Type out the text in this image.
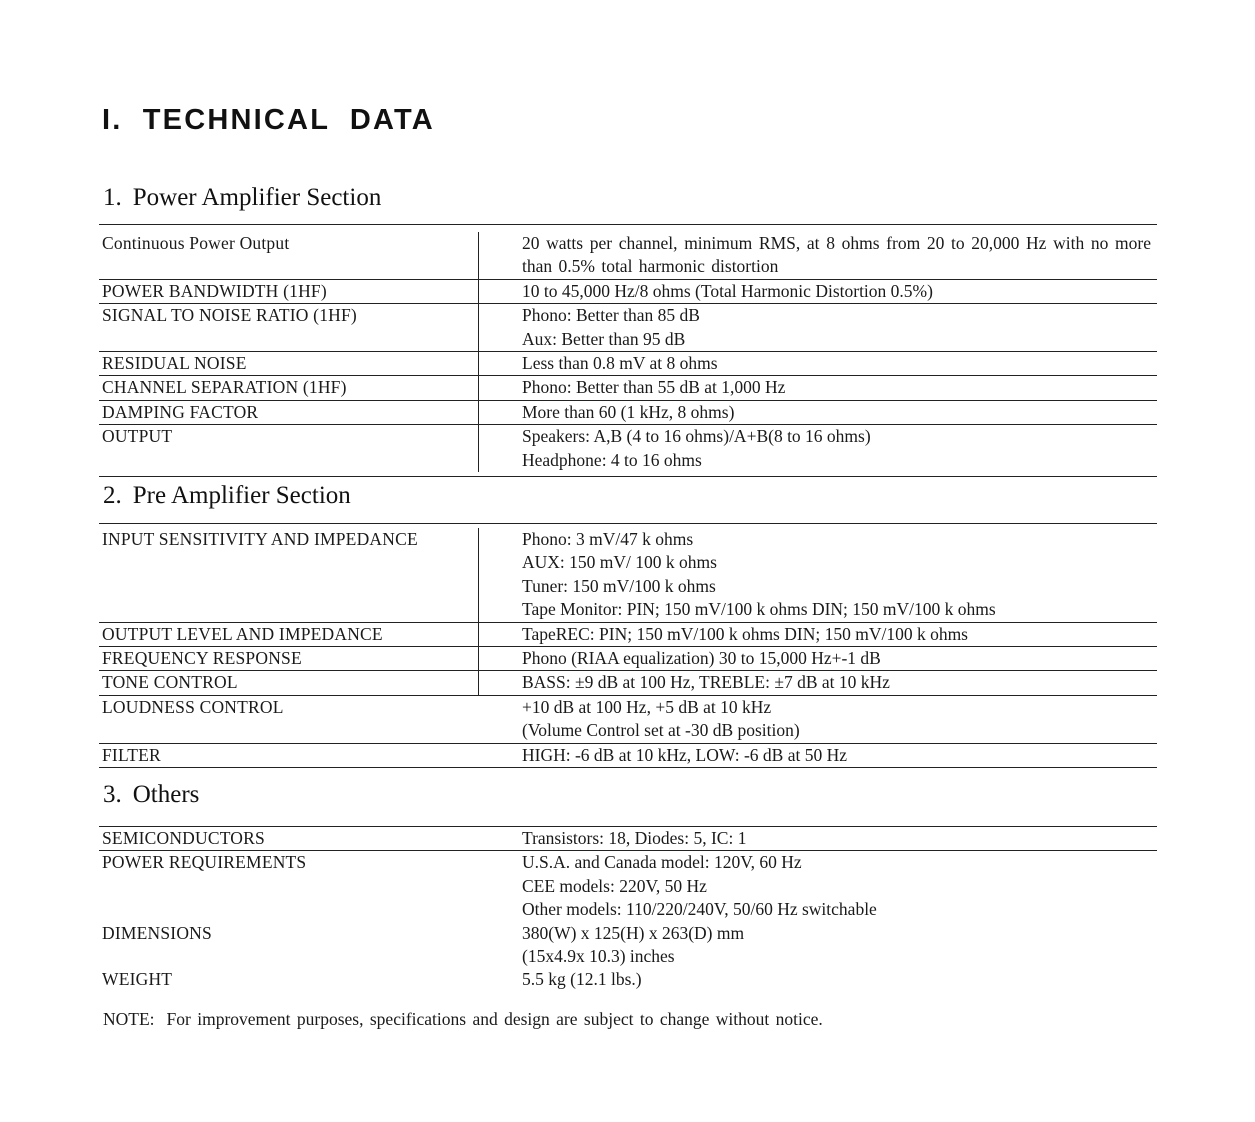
I. TECHNICAL DATA
1. Power Amplifier Section
Continuous Power Output	20 watts per channel, minimum RMS, at 8 ohms from 20 to 20,000 Hz with no more than 0.5% total harmonic distortion
POWER BANDWIDTH (1HF)	10 to 45,000 Hz/8 ohms (Total Harmonic Distortion 0.5%)
SIGNAL TO NOISE RATIO (1HF)	Phono: Better than 85 dB
Aux: Better than 95 dB
RESIDUAL NOISE	Less than 0.8 mV at 8 ohms
CHANNEL SEPARATION (1HF)	Phono: Better than 55 dB at 1,000 Hz
DAMPING FACTOR	More than 60 (1 kHz, 8 ohms)
OUTPUT	Speakers: A,B (4 to 16 ohms)/A+B(8 to 16 ohms)
Headphone: 4 to 16 ohms
2. Pre Amplifier Section
INPUT SENSITIVITY AND IMPEDANCE	Phono: 3 mV/47 k ohms
AUX: 150 mV/ 100 k ohms
Tuner: 150 mV/100 k ohms
Tape Monitor: PIN; 150 mV/100 k ohms DIN; 150 mV/100 k ohms
OUTPUT LEVEL AND IMPEDANCE	TapeREC: PIN; 150 mV/100 k ohms DIN; 150 mV/100 k ohms
FREQUENCY RESPONSE	Phono (RIAA equalization) 30 to 15,000 Hz+-1 dB
TONE CONTROL	BASS: ±9 dB at 100 Hz, TREBLE: ±7 dB at 10 kHz
LOUDNESS CONTROL	+10 dB at 100 Hz, +5 dB at 10 kHz
(Volume Control set at -30 dB position)
FILTER	HIGH: -6 dB at 10 kHz, LOW: -6 dB at 50 Hz
3. Others
SEMICONDUCTORS	Transistors: 18, Diodes: 5, IC: 1
POWER REQUIREMENTS	U.S.A. and Canada model: 120V, 60 Hz
CEE models: 220V, 50 Hz
Other models: 110/220/240V, 50/60 Hz switchable
DIMENSIONS	380(W) x 125(H) x 263(D) mm
(15x4.9x 10.3) inches
WEIGHT	5.5 kg (12.1 lbs.)

NOTE: For improvement purposes, specifications and design are subject to change without notice.
